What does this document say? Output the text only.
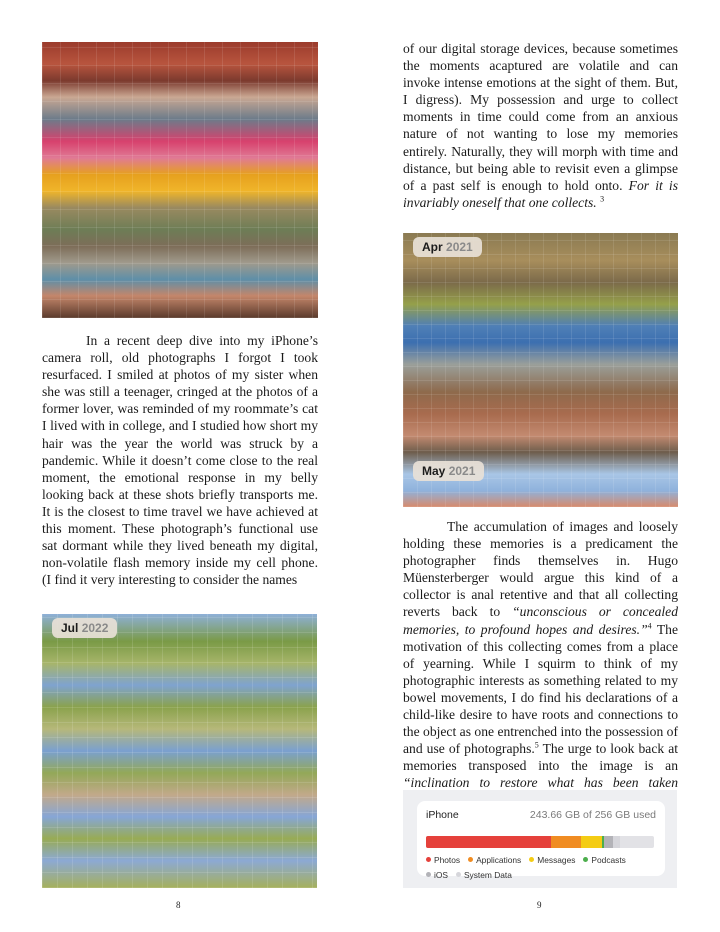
In a recent deep dive into my iPhone’s camera roll, old photographs I forgot I took resurfaced. I smiled at photos of my sister when she was still a teenager, cringed at the photos of a former lover, was reminded of my roommate’s cat I lived with in college, and I studied how short my hair was the year the world was struck by a pandemic. While it doesn’t come close to the real moment, the emotional response in my belly looking back at these shots briefly transports me. It is the closest to time travel we have achieved at this moment. These photograph’s functional use sat dormant while they lived beneath my digital, non-volatile flash memory inside my cell phone. (I find it very interesting to consider the names

Jul 2022
8

of our digital storage devices, because sometimes the moments acaptured are volatile and can invoke intense emotions at the sight of them. But, I digress). My possession and urge to collect moments in time could come from an anxious nature of not wanting to lose my memories entirely. Naturally, they will morph with time and distance, but being able to revisit even a glimpse of a past self is enough to hold onto. For it is invariably oneself that one collects. $^3$

Apr 2021
May 2021

The accumulation of images and loosely holding these memories is a predicament the photographer finds themselves in. Hugo Müensterberger would argue this kind of a collector is anal retentive and that all collecting reverts back to “unconscious or concealed memories, to profound hopes and desires.”$^4$ The motivation of this collecting comes from a place of yearning. While I squirm to think of my photographic interests as something related to my bowel movements, I do find his declarations of a child-like desire to have roots and connections to the object as one entrenched into the possession of and use of photographs.$^5$ The urge to look back at memories transposed into the image is an “inclination to restore what has been taken

iPhone	243.66 GB of 256 GB used
Photos Applications Messages Podcasts
iOS System Data
9
